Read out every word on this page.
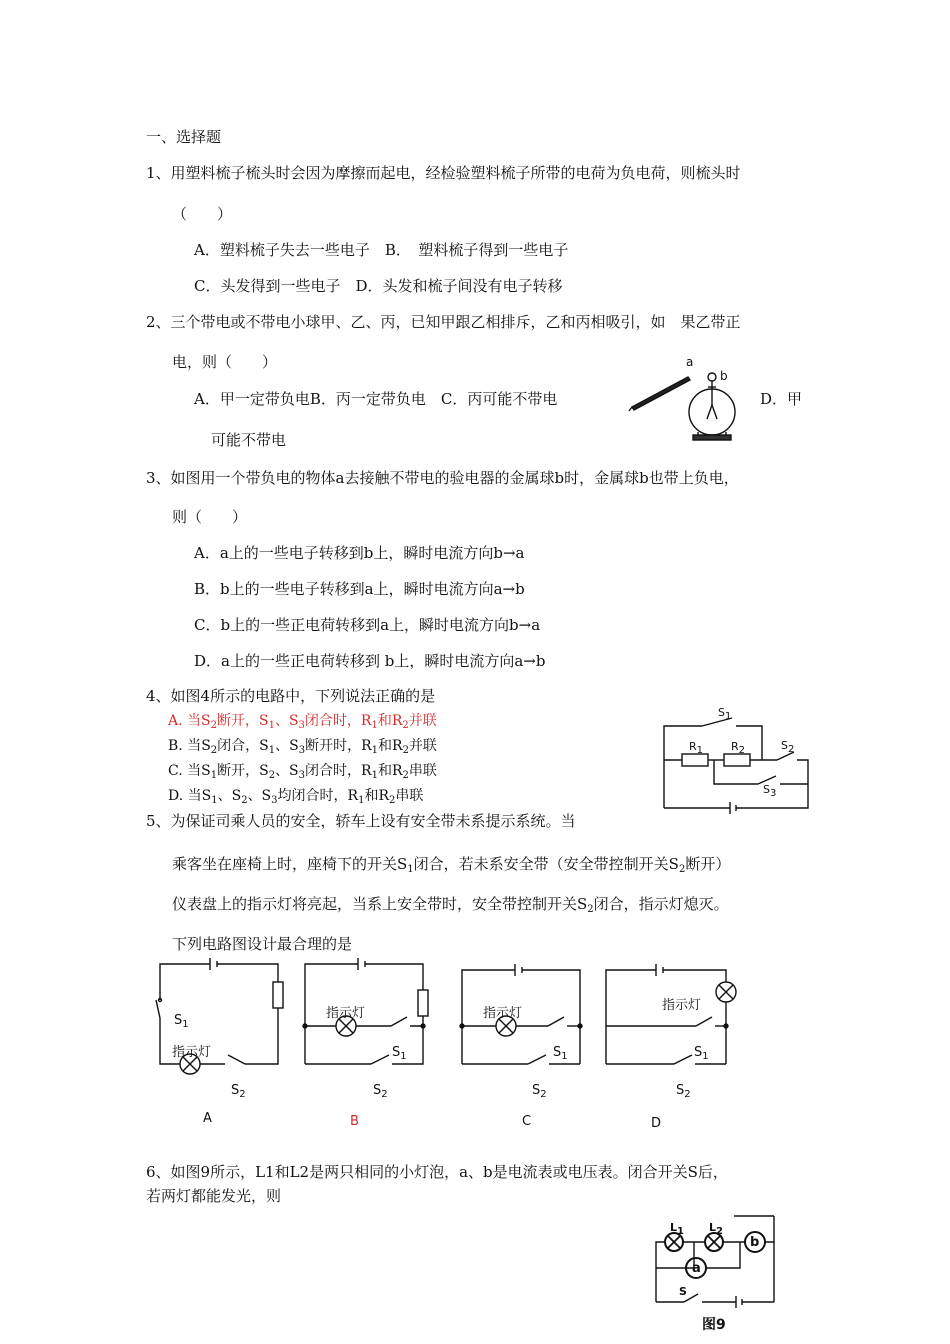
一、选择题
1、用塑料梳子梳头时会因为摩擦而起电，经检验塑料梳子所带的电荷为负电荷，则梳头时
（　　）
A．塑料梳子失去一些电子　B．　塑料梳子得到一些电子
C．头发得到一些电子　D．头发和梳子间没有电子转移
2、三个带电或不带电小球甲、乙、丙，已知甲跟乙相排斥，乙和丙相吸引，如　果乙带正
电，则（　　）
A．甲一定带负电B．丙一定带负电　C．丙可能不带电	D．甲
可能不带电
a
b
3、如图用一个带负电的物体a去接触不带电的验电器的金属球b时，金属球b也带上负电，
则（　　）
A．a上的一些电子转移到b上，瞬时电流方向b→a
B．b上的一些电子转移到a上，瞬时电流方向a→b
C．b上的一些正电荷转移到a上，瞬时电流方向b→a
D．a上的一些正电荷转移到 b上，瞬时电流方向a→b
4、如图4所示的电路中，下列说法正确的是
A. 当$S_2$断开，$S_1$、$S_3$闭合时，$R_1$和$R_2$并联
B. 当$S_2$闭合，$S_1$、$S_3$断开时，$R_1$和$R_2$并联
C. 当$S_1$断开，$S_2$、$S_3$闭合时，$R_1$和$R_2$串联
D. 当$S_1$、$S_2$、$S_3$均闭合时，$R_1$和$R_2$串联
$S_1$
$R_1$	$R_2$	$S_2$
$S_3$
5、为保证司乘人员的安全，轿车上设有安全带未系提示系统。当
乘客坐在座椅上时，座椅下的开关$S_1$闭合，若未系安全带（安全带控制开关$S_2$断开）
仪表盘上的指示灯将亮起，当系上安全带时，安全带控制开关$S_2$闭合，指示灯熄灭。
下列电路图设计最合理的是
$S_1$
指示灯
$S_2$
A
指示灯
$S_1$
$S_2$
B
指示灯
$S_1$
$S_2$
C
指示灯
$S_1$
$S_2$
D
6、如图9所示，L1和L2是两只相同的小灯泡，a、b是电流表或电压表。闭合开关S后，
若两灯都能发光，则
$L_1$ $L_2$
b
a
S
图9
